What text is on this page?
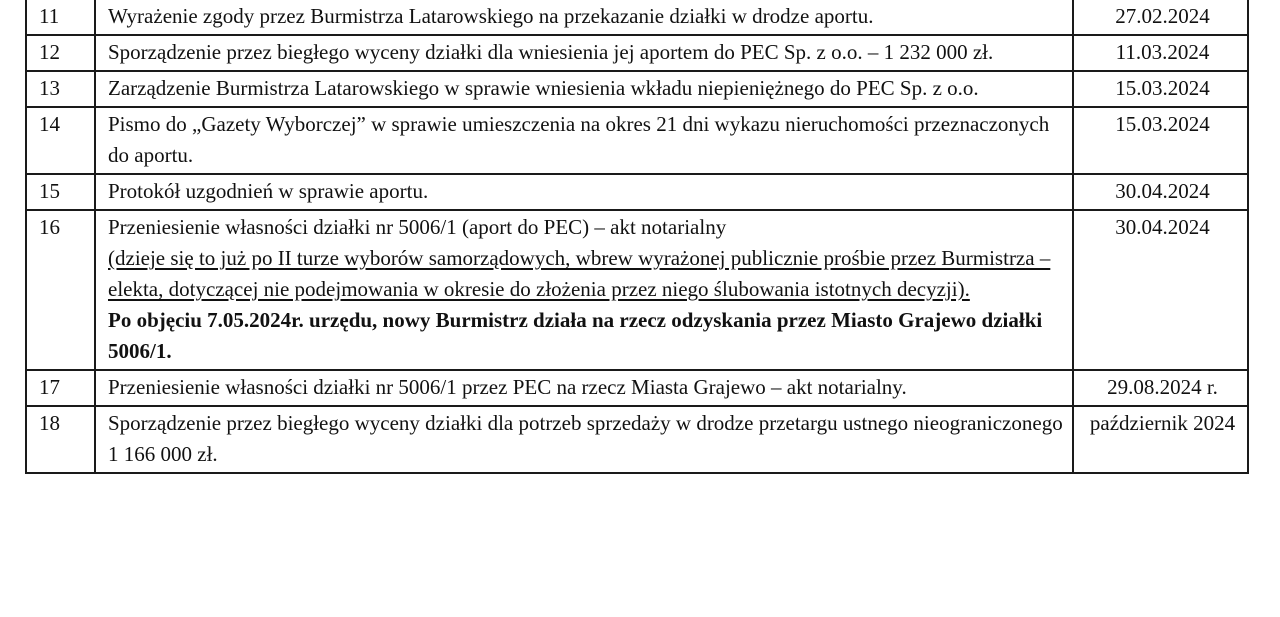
11	Wyrażenie zgody przez Burmistrza Latarowskiego na przekazanie działki w drodze aportu.	27.02.2024
12	Sporządzenie przez biegłego wyceny działki dla wniesienia jej aportem do PEC Sp. z o.o. – 1 232 000 zł.	11.03.2024
13	Zarządzenie Burmistrza Latarowskiego w sprawie wniesienia wkładu niepieniężnego do PEC Sp. z o.o.	15.03.2024
14	Pismo do „Gazety Wyborczej” w sprawie umieszczenia na okres 21 dni wykazu nieruchomości przeznaczonych do aportu.	15.03.2024
15	Protokół uzgodnień w sprawie aportu.	30.04.2024
16	Przeniesienie własności działki nr 5006/1 (aport do PEC) – akt notarialny
(dzieje się to już po II turze wyborów samorządowych, wbrew wyrażonej publicznie prośbie przez Burmistrza – elekta, dotyczącej nie podejmowania w okresie do złożenia przez niego ślubowania istotnych decyzji).
Po objęciu 7.05.2024r. urzędu, nowy Burmistrz działa na rzecz odzyskania przez Miasto Grajewo działki 5006/1.	30.04.2024
17	Przeniesienie własności działki nr 5006/1 przez PEC na rzecz Miasta Grajewo – akt notarialny.	29.08.2024 r.
18	Sporządzenie przez biegłego wyceny działki dla potrzeb sprzedaży w drodze przetargu ustnego nieograniczonego 1 166 000 zł.	październik 2024
